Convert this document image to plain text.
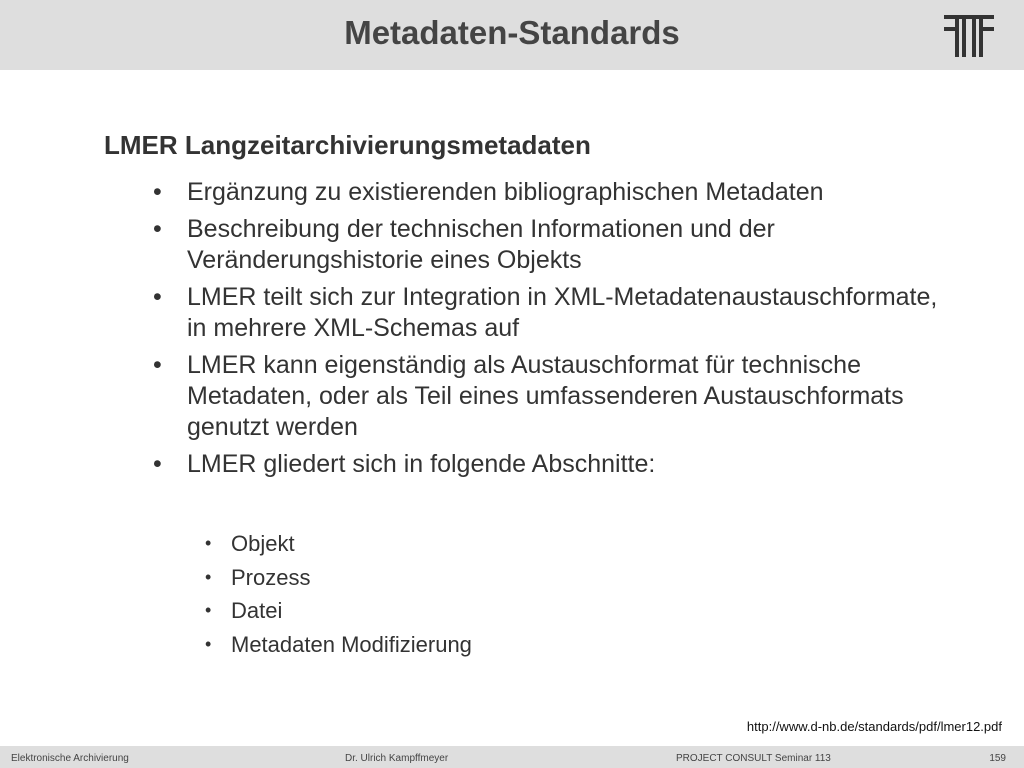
Metadaten-Standards
LMER Langzeitarchivierungsmetadaten
• Ergänzung zu existierenden bibliographischen Metadaten
• Beschreibung der technischen Informationen und der Veränderungshistorie eines Objekts
• LMER teilt sich zur Integration in XML-Metadatenaustauschformate, in mehrere XML-Schemas auf
• LMER kann eigenständig als Austauschformat für technische Metadaten, oder als Teil eines umfassenderen Austauschformats genutzt werden
• LMER gliedert sich in folgende Abschnitte:
• Objekt
• Prozess
• Datei
• Metadaten Modifizierung
http://www.d-nb.de/standards/pdf/lmer12.pdf
Elektronische Archivierung	Dr. Ulrich Kampffmeyer	PROJECT CONSULT Seminar 113	159
